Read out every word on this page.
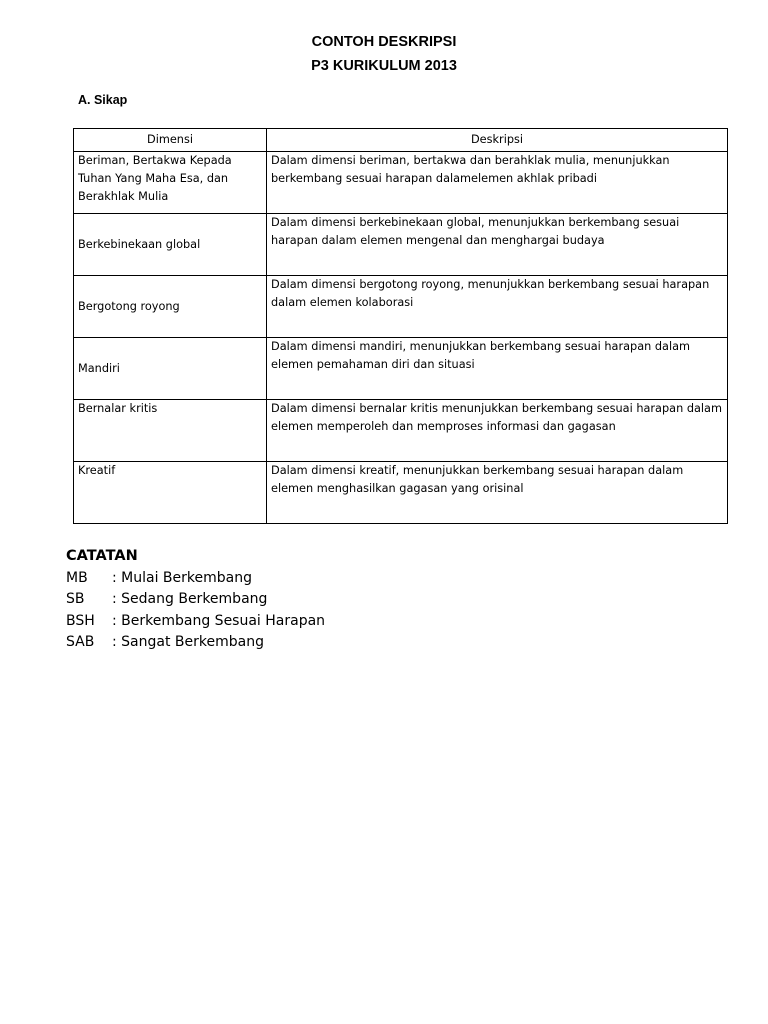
CONTOH DESKRIPSI
P3 KURIKULUM 2013
A. Sikap
Dimensi	Deskripsi
Beriman, Bertakwa Kepada Tuhan Yang Maha Esa, dan Berakhlak Mulia	Dalam dimensi beriman, bertakwa dan berahklak mulia, menunjukkan berkembang sesuai harapan dalamelemen akhlak pribadi
Berkebinekaan global	Dalam dimensi berkebinekaan global, menunjukkan berkembang sesuai harapan dalam elemen mengenal dan menghargai budaya
Bergotong royong	Dalam dimensi bergotong royong, menunjukkan berkembang sesuai harapan dalam elemen kolaborasi
Mandiri	Dalam dimensi mandiri, menunjukkan berkembang sesuai harapan dalam elemen pemahaman diri dan situasi
Bernalar kritis	Dalam dimensi bernalar kritis menunjukkan berkembang sesuai harapan dalam elemen memperoleh dan memproses informasi dan gagasan
Kreatif	Dalam dimensi kreatif, menunjukkan berkembang sesuai harapan dalam elemen menghasilkan gagasan yang orisinal
CATATAN
MB	: Mulai Berkembang
SB	: Sedang Berkembang
BSH	: Berkembang Sesuai Harapan
SAB	: Sangat Berkembang
